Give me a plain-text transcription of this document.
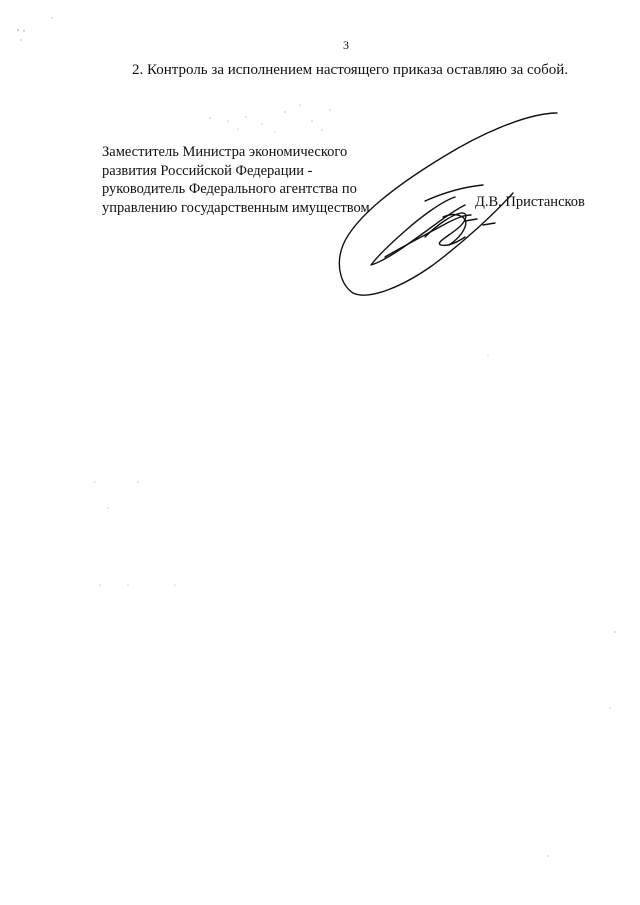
3
2. Контроль за исполнением настоящего приказа оставляю за собой.
Заместитель Министра экономического
развития Российской Федерации -
руководитель Федерального агентства по
управлению государственным имуществом	Д.В. Пристансков
